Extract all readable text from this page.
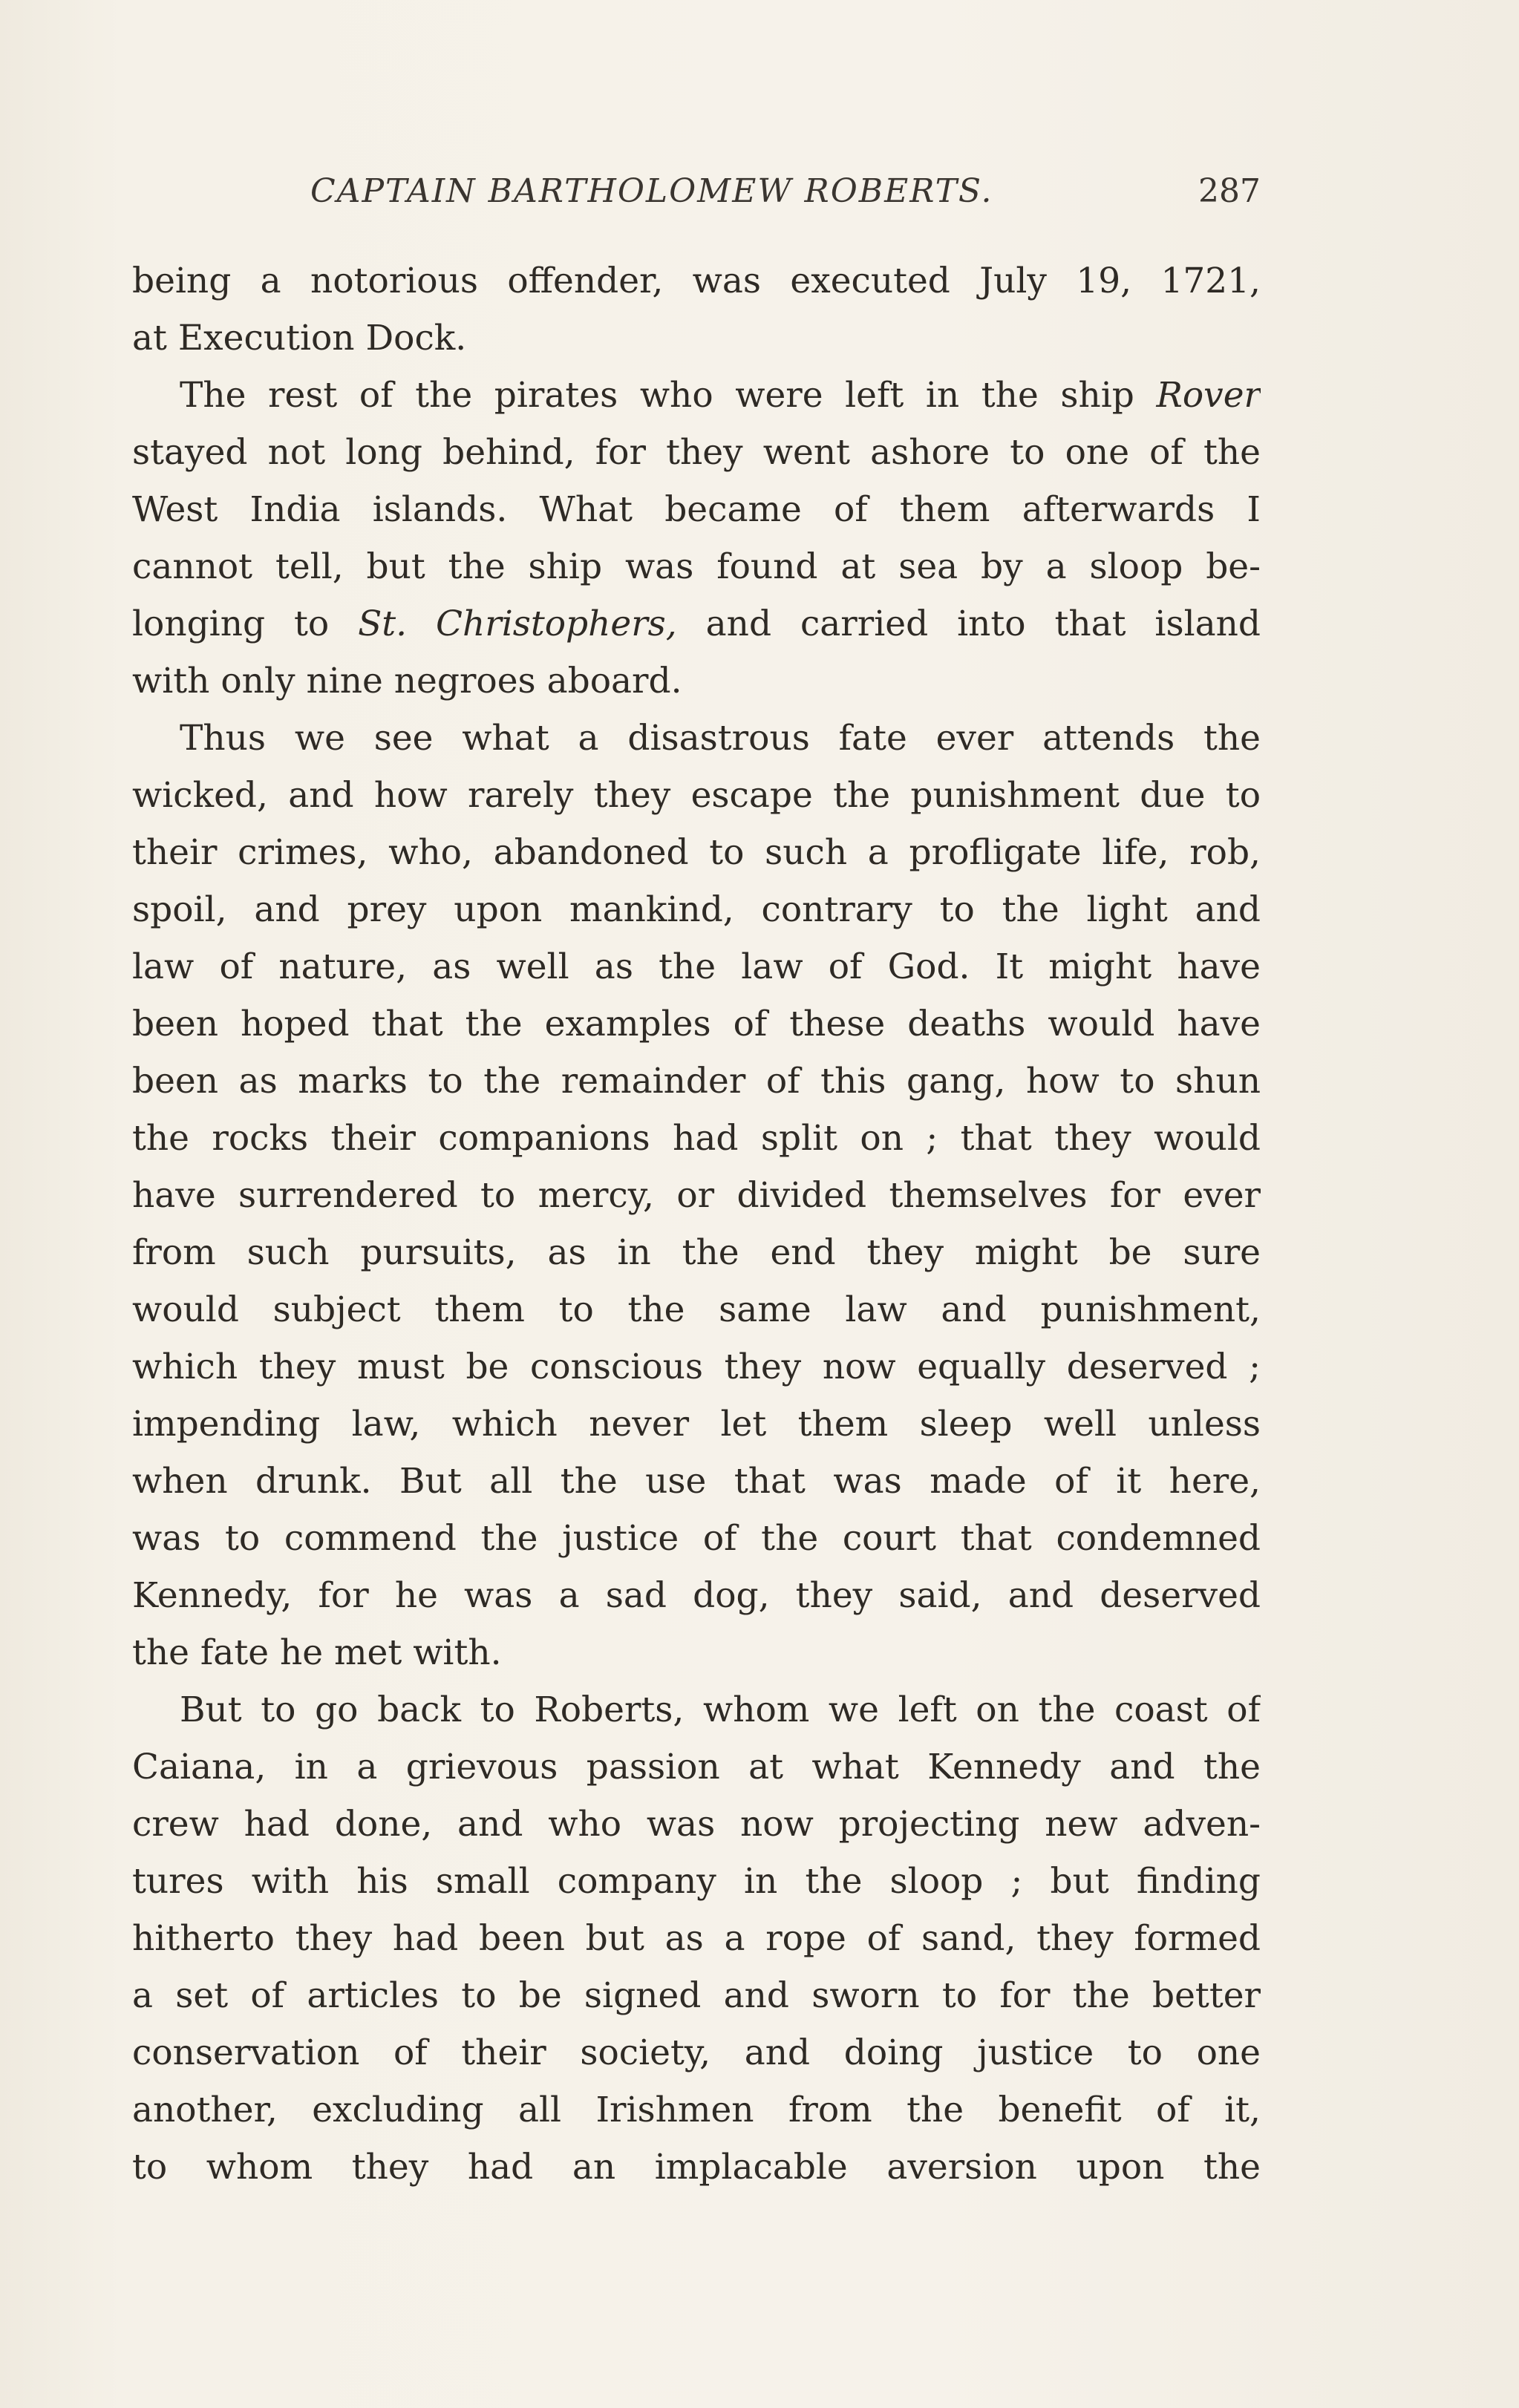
CAPTAIN BARTHOLOMEW ROBERTS.	287
being a notorious offender, was executed July 19, 1721,
at Execution Dock.
The rest of the pirates who were left in the ship Rover
stayed not long behind, for they went ashore to one of the
West India islands. What became of them afterwards I
cannot tell, but the ship was found at sea by a sloop be-
longing to St. Christophers, and carried into that island
with only nine negroes aboard.
Thus we see what a disastrous fate ever attends the
wicked, and how rarely they escape the punishment due to
their crimes, who, abandoned to such a profligate life, rob,
spoil, and prey upon mankind, contrary to the light and
law of nature, as well as the law of God. It might have
been hoped that the examples of these deaths would have
been as marks to the remainder of this gang, how to shun
the rocks their companions had split on ; that they would
have surrendered to mercy, or divided themselves for ever
from such pursuits, as in the end they might be sure
would subject them to the same law and punishment,
which they must be conscious they now equally deserved ;
impending law, which never let them sleep well unless
when drunk. But all the use that was made of it here,
was to commend the justice of the court that condemned
Kennedy, for he was a sad dog, they said, and deserved
the fate he met with.
But to go back to Roberts, whom we left on the coast of
Caiana, in a grievous passion at what Kennedy and the
crew had done, and who was now projecting new adven-
tures with his small company in the sloop ; but finding
hitherto they had been but as a rope of sand, they formed
a set of articles to be signed and sworn to for the better
conservation of their society, and doing justice to one
another, excluding all Irishmen from the benefit of it,
to whom they had an implacable aversion upon the
